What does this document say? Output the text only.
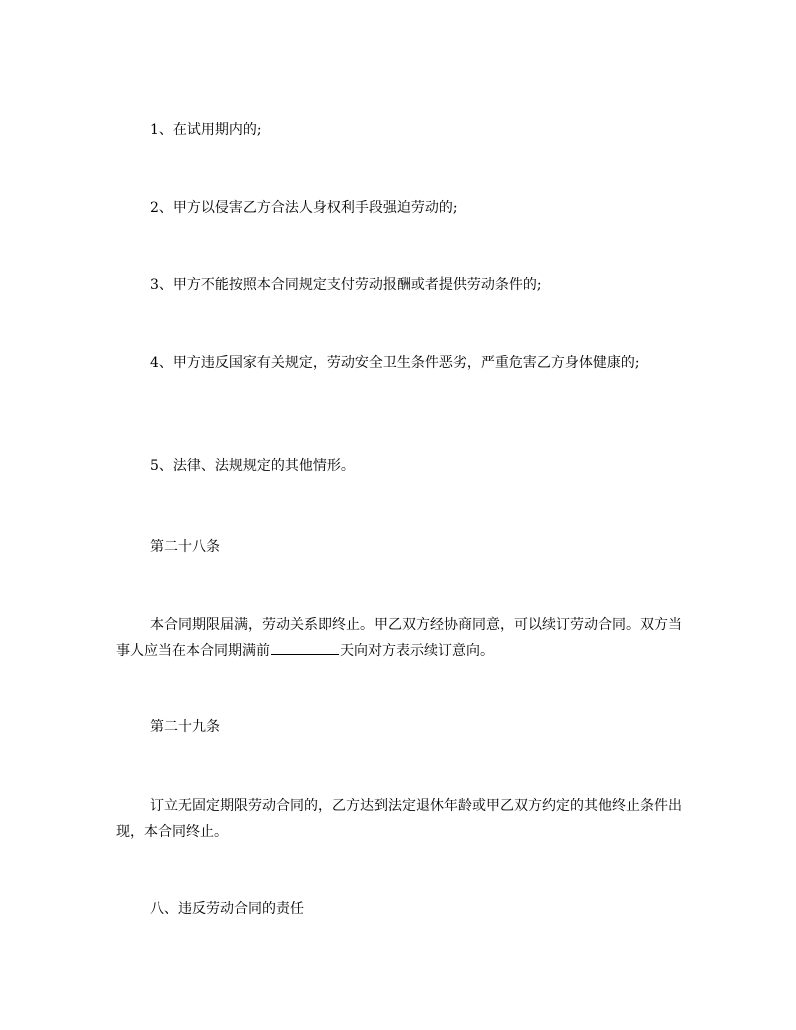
1、在试用期内的;

2、甲方以侵害乙方合法人身权利手段强迫劳动的;

3、甲方不能按照本合同规定支付劳动报酬或者提供劳动条件的;

4、甲方违反国家有关规定，劳动安全卫生条件恶劣，严重危害乙方身体健康的;

5、法律、法规规定的其他情形。

第二十八条

本合同期限届满，劳动关系即终止。甲乙双方经协商同意，可以续订劳动合同。双方当事人应当在本合同期满前	天向对方表示续订意向。

第二十九条

订立无固定期限劳动合同的，乙方达到法定退休年龄或甲乙双方约定的其他终止条件出现，本合同终止。

八、违反劳动合同的责任
